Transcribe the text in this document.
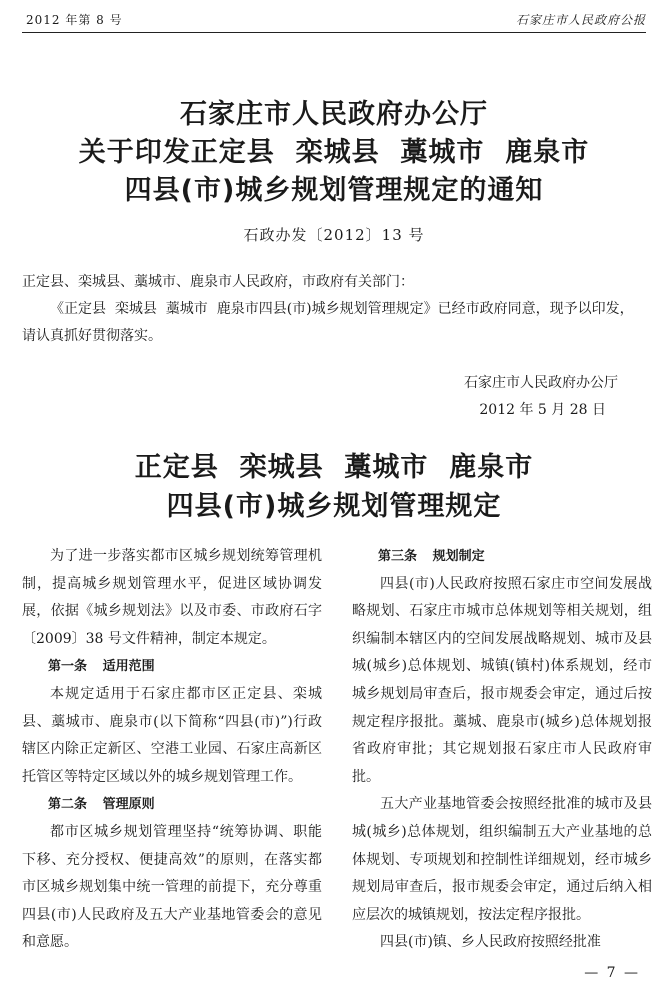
2012 年第 8 号	石家庄市人民政府公报
石家庄市人民政府办公厅
关于印发正定县  栾城县  藁城市  鹿泉市
四县(市)城乡规划管理规定的通知
石政办发〔2012〕13 号
正定县、栾城县、藁城市、鹿泉市人民政府，市政府有关部门：

《正定县  栾城县  藁城市  鹿泉市四县(市)城乡规划管理规定》已经市政府同意，现予以印发，请认真抓好贯彻落实。

石家庄市人民政府办公厅
2012 年 5 月 28 日
正定县  栾城县  藁城市  鹿泉市
四县(市)城乡规划管理规定

为了进一步落实都市区城乡规划统筹管理机制，提高城乡规划管理水平，促进区域协调发展，依据《城乡规划法》以及市委、市政府石字〔2009〕38 号文件精神，制定本规定。

第一条 适用范围

本规定适用于石家庄都市区正定县、栾城县、藁城市、鹿泉市(以下简称“四县(市)”)行政辖区内除正定新区、空港工业园、石家庄高新区托管区等特定区域以外的城乡规划管理工作。

第二条 管理原则

都市区城乡规划管理坚持“统筹协调、职能下移、充分授权、便捷高效”的原则，在落实都市区城乡规划集中统一管理的前提下，充分尊重四县(市)人民政府及五大产业基地管委会的意见和意愿。

第三条 规划制定

四县(市)人民政府按照石家庄市空间发展战略规划、石家庄市城市总体规划等相关规划，组织编制本辖区内的空间发展战略规划、城市及县城(城乡)总体规划、城镇(镇村)体系规划，经市城乡规划局审查后，报市规委会审定，通过后按规定程序报批。藁城、鹿泉市(城乡)总体规划报省政府审批；其它规划报石家庄市人民政府审批。

五大产业基地管委会按照经批准的城市及县城(城乡)总体规划，组织编制五大产业基地的总体规划、专项规划和控制性详细规划，经市城乡规划局审查后，报市规委会审定，通过后纳入相应层次的城镇规划，按法定程序报批。

四县(市)镇、乡人民政府按照经批准

— 7 —
